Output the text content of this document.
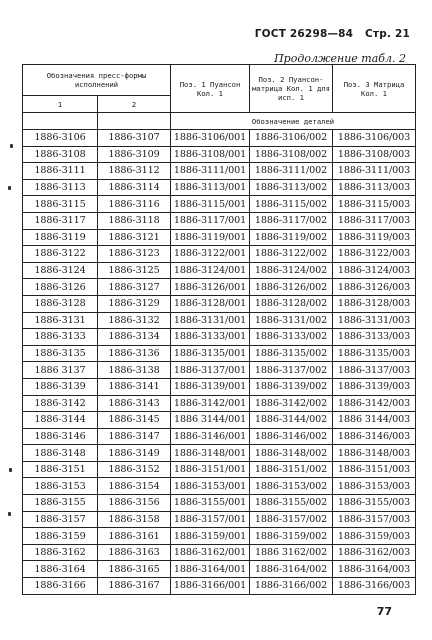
ГОСТ 26298—84 Стр. 21
Продолжение табл. 2
Обозначения пресс-формы исполнений		Поз. 1 Пуансон Кол. 1	Поз. 2 Пуансон-матрица Кол. 1 для исп. 1	Поз. 3 Матрица Кол. 1
1	2			
		Обозначение деталей		
1886-3106	1886-3107	1886-3106/001	1886-3106/002	1886-3106/003
1886-3108	1886-3109	1886-3108/001	1886-3108/002	1886-3108/003
1886-3111	1886-3112	1886-3111/001	1886-3111/002	1886-3111/003
1886-3113	1886-3114	1886-3113/001	1886-3113/002	1886-3113/003
1886-3115	1886-3116	1886-3115/001	1886-3115/002	1886-3115/003
1886-3117	1886-3118	1886-3117/001	1886-3117/002	1886-3117/003
1886-3119	1886-3121	1886-3119/001	1886-3119/002	1886-3119/003
1886-3122	1886-3123	1886-3122/001	1886-3122/002	1886-3122/003
1886-3124	1886-3125	1886-3124/001	1886-3124/002	1886-3124/003
1886-3126	1886-3127	1886-3126/001	1886-3126/002	1886-3126/003
1886-3128	1886-3129	1886-3128/001	1886-3128/002	1886-3128/003
1886-3131	1886-3132	1886-3131/001	1886-3131/002	1886-3131/003
1886-3133	1886-3134	1886-3133/001	1886-3133/002	1886-3133/003
1886-3135	1886-3136	1886-3135/001	1886-3135/002	1886-3135/003
1886 3137	1886-3138	1886-3137/001	1886-3137/002	1886-3137/003
1886-3139	1886-3141	1886-3139/001	1886-3139/002	1886-3139/003
1886-3142	1886-3143	1886-3142/001	1886-3142/002	1886-3142/003
1886-3144	1886-3145	1886 3144/001	1886-3144/002	1886 3144/003
1886-3146	1886-3147	1886-3146/001	1886-3146/002	1886-3146/003
1886-3148	1886-3149	1886-3148/001	1886-3148/002	1886-3148/003
1886-3151	1886-3152	1886-3151/001	1886-3151/002	1886-3151/003
1886-3153	1886-3154	1886-3153/001	1886-3153/002	1886-3153/003
1886-3155	1886-3156	1886-3155/001	1886-3155/002	1886-3155/003
1886-3157	1886-3158	1886-3157/001	1886-3157/002	1886-3157/003
1886-3159	1886-3161	1886-3159/001	1886-3159/002	1886-3159/003
1886-3162	1886-3163	1886-3162/001	1886 3162/002	1886-3162/003
1886-3164	1886-3165	1886-3164/001	1886-3164/002	1886-3164/003
1886-3166	1886-3167	1886-3166/001	1886-3166/002	1886-3166/003
77
